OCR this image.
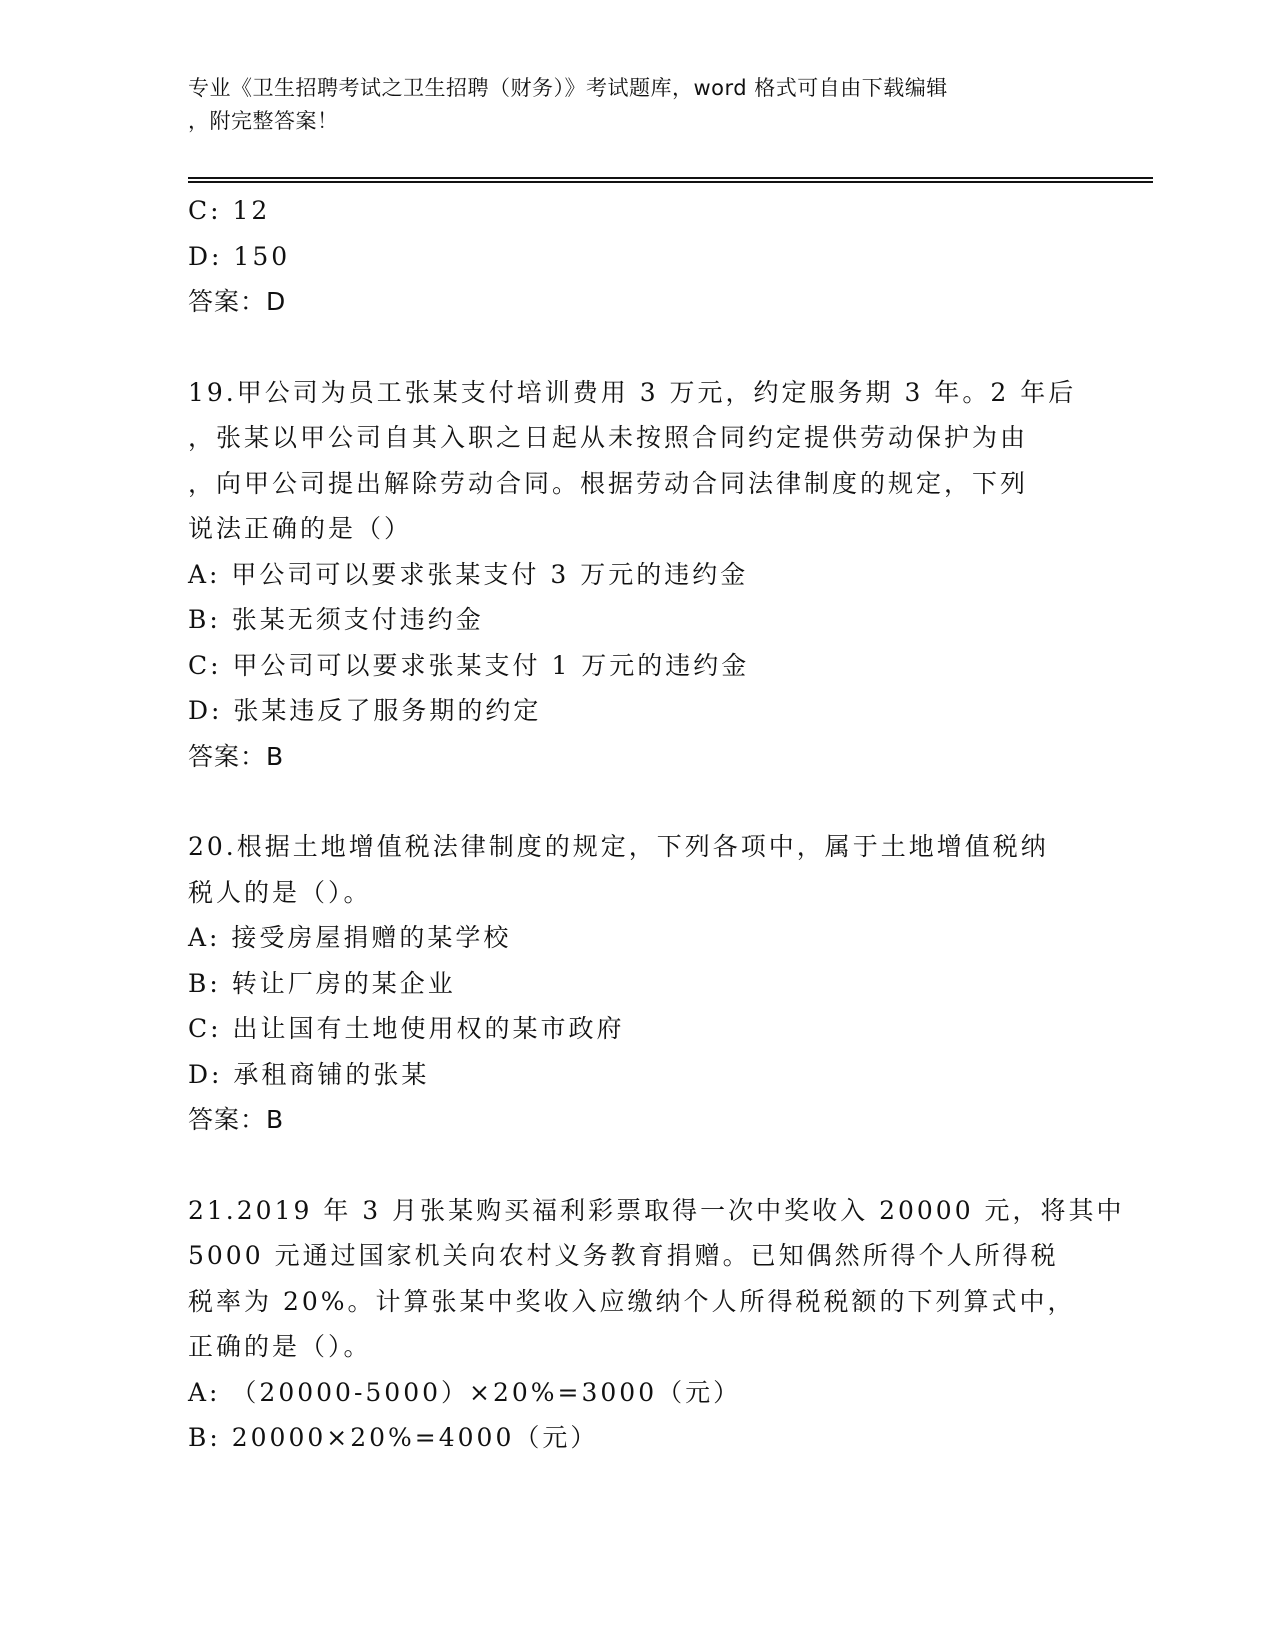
专业《卫生招聘考试之卫生招聘（财务）》考试题库，word 格式可自由下载编辑
，附完整答案！
C: 12
D: 150
答案：D
19.甲公司为员工张某支付培训费用 3 万元，约定服务期 3 年。2 年后
，张某以甲公司自其入职之日起从未按照合同约定提供劳动保护为由
，向甲公司提出解除劳动合同。根据劳动合同法律制度的规定，下列
说法正确的是（）
A: 甲公司可以要求张某支付 3 万元的违约金
B: 张某无须支付违约金
C: 甲公司可以要求张某支付 1 万元的违约金
D: 张某违反了服务期的约定
答案：B
20.根据土地增值税法律制度的规定，下列各项中，属于土地增值税纳
税人的是（）。
A: 接受房屋捐赠的某学校
B: 转让厂房的某企业
C: 出让国有土地使用权的某市政府
D: 承租商铺的张某
答案：B
21.2019 年 3 月张某购买福利彩票取得一次中奖收入 20000 元，将其中
5000 元通过国家机关向农村义务教育捐赠。已知偶然所得个人所得税
税率为 20%。计算张某中奖收入应缴纳个人所得税税额的下列算式中，
正确的是（）。
A: （20000-5000）×20%=3000（元）
B: 20000×20%=4000（元）
